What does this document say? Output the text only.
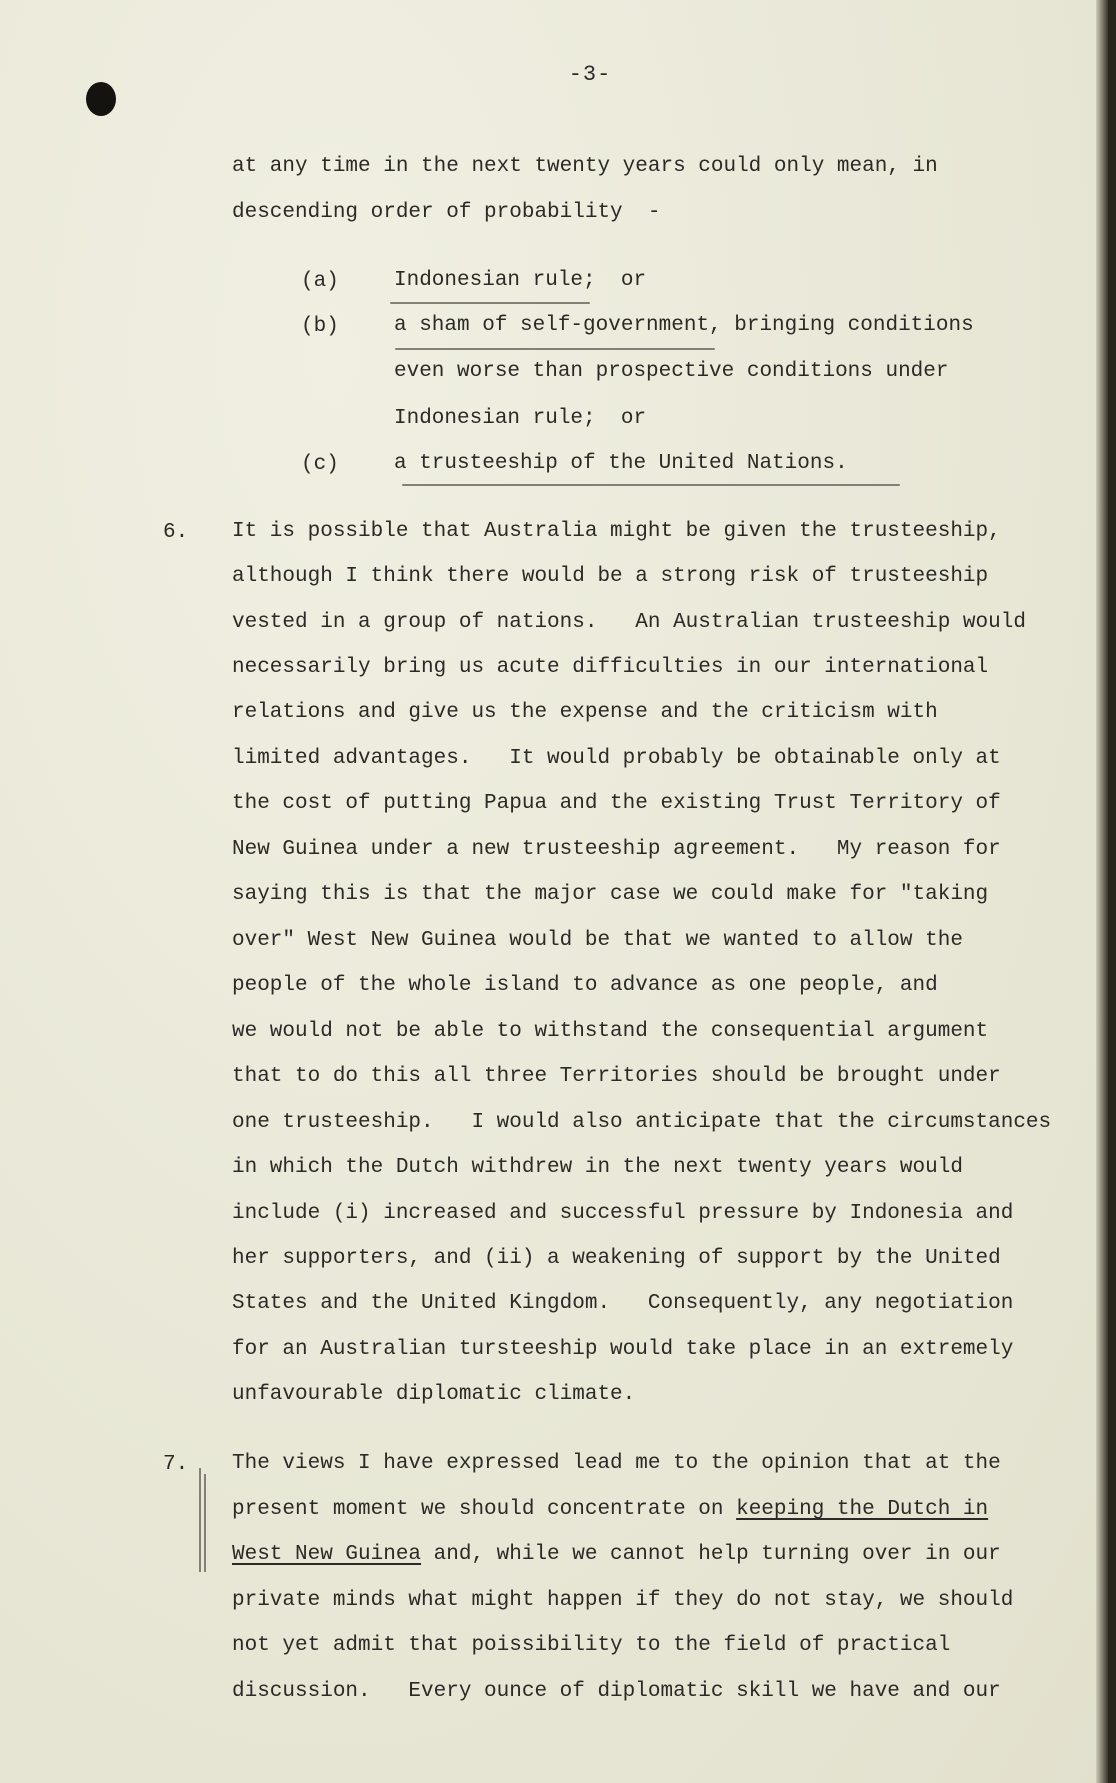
-3-
at any time in the next twenty years could only mean, in
descending order of probability  -
(a)	Indonesian rule;  or
(b)	a sham of self-government, bringing conditions
even worse than prospective conditions under
Indonesian rule;  or
(c)	a trusteeship of the United Nations.
6. It is possible that Australia might be given the trusteeship,
although I think there would be a strong risk of trusteeship
vested in a group of nations.   An Australian trusteeship would
necessarily bring us acute difficulties in our international
relations and give us the expense and the criticism with
limited advantages.   It would probably be obtainable only at
the cost of putting Papua and the existing Trust Territory of
New Guinea under a new trusteeship agreement.   My reason for
saying this is that the major case we could make for "taking
over" West New Guinea would be that we wanted to allow the
people of the whole island to advance as one people, and
we would not be able to withstand the consequential argument
that to do this all three Territories should be brought under
one trusteeship.   I would also anticipate that the circumstances
in which the Dutch withdrew in the next twenty years would
include (i) increased and successful pressure by Indonesia and
her supporters, and (ii) a weakening of support by the United
States and the United Kingdom.   Consequently, any negotiation
for an Australian tursteeship would take place in an extremely
unfavourable diplomatic climate.
7. The views I have expressed lead me to the opinion that at the
present moment we should concentrate on keeping the Dutch in
West New Guinea and, while we cannot help turning over in our
private minds what might happen if they do not stay, we should
not yet admit that poissibility to the field of practical
discussion.   Every ounce of diplomatic skill we have and our
